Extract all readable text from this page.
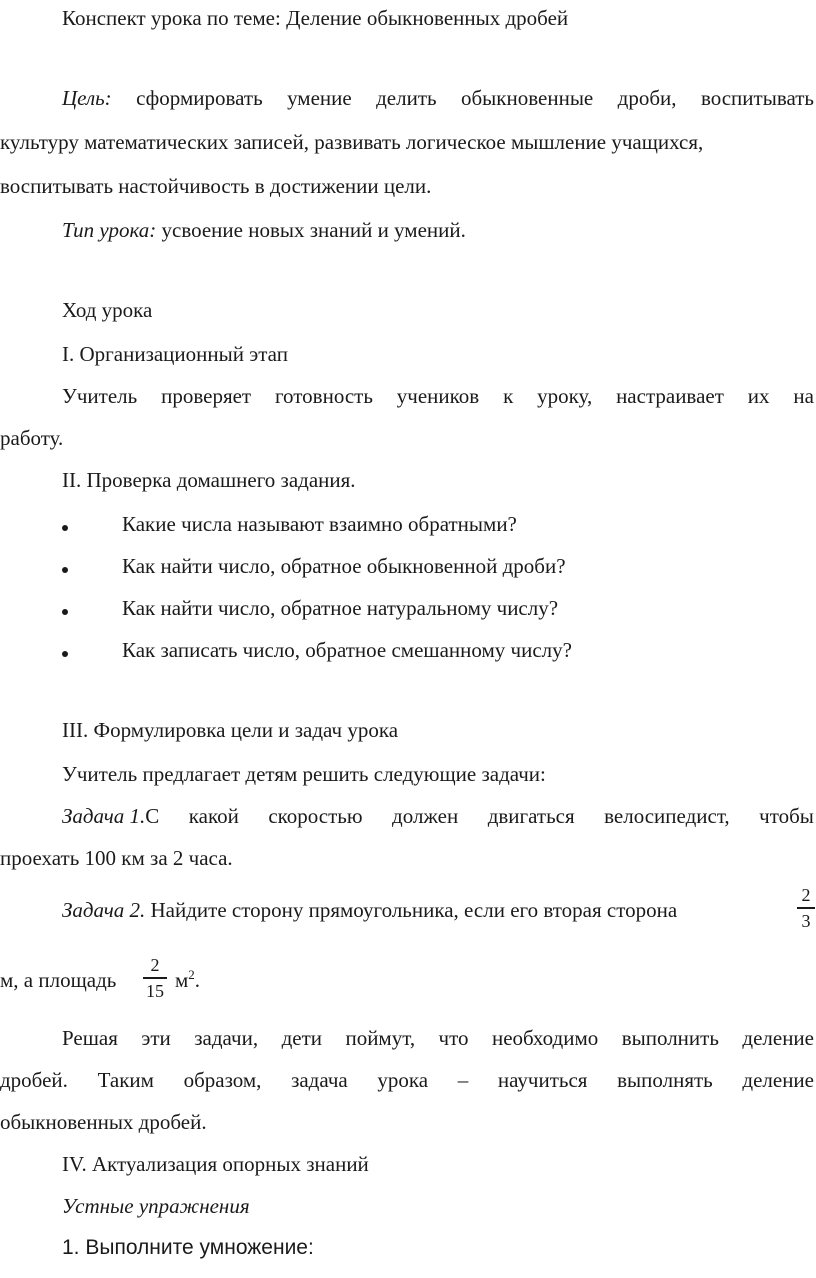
Конспект урока по теме: Деление обыкновенных дробей
Цель: сформировать умение делить обыкновенные дроби, воспитывать
культуру математических записей, развивать логическое мышление учащихся,
воспитывать настойчивость в достижении цели.
Тип урока: усвоение новых знаний и умений.
Ход урока
I. Организационный этап
Учитель проверяет готовность учеников к уроку, настраивает их на
работу.
II. Проверка домашнего задания.
Какие числа называют взаимно обратными?
Как найти число, обратное обыкновенной дроби?
Как найти число, обратное натуральному числу?
Как записать число, обратное смешанному числу?
III. Формулировка цели и задач урока
Учитель предлагает детям решить следующие задачи:
Задача 1.С какой скоростью должен двигаться велосипедист, чтобы
проехать 100 км за 2 часа.
Задача 2. Найдите сторону прямоугольника, если его вторая сторона
2
3
м, а площадь
2
15 $м^2$.
Решая эти задачи, дети поймут, что необходимо выполнить деление
дробей. Таким образом, задача урока – научиться выполнять деление
обыкновенных дробей.
IV. Актуализация опорных знаний
Устные упражнения
1. Выполните умножение:
